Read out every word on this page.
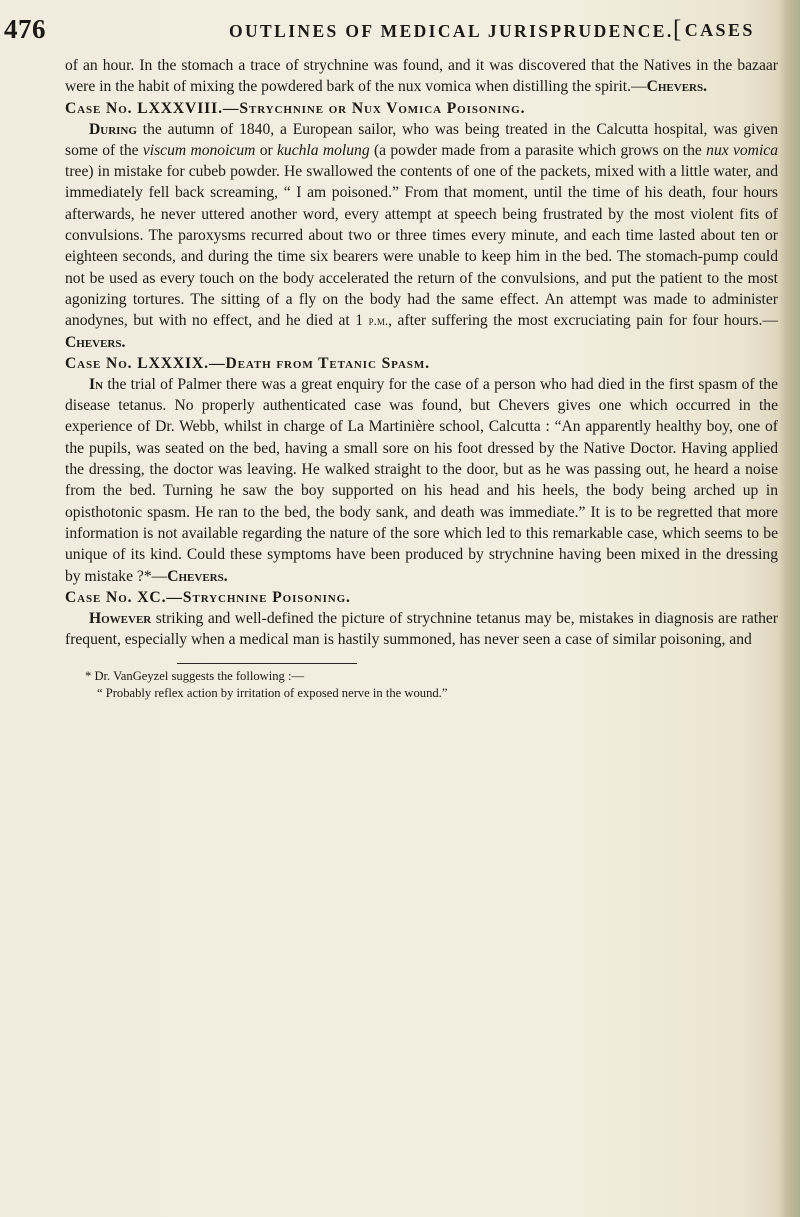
476	OUTLINES OF MEDICAL JURISPRUDENCE. [CASES

of an hour. In the stomach a trace of strychnine was found, and it was discovered that the Natives in the bazaar were in the habit of mixing the powdered bark of the nux vomica when distilling the spirit.—Chevers.

Case No. LXXXVIII.—Strychnine or Nux Vomica Poisoning.

During the autumn of 1840, a European sailor, who was being treated in the Calcutta hospital, was given some of the viscum monoicum or kuchla molung (a powder made from a parasite which grows on the nux vomica tree) in mistake for cubeb powder. He swallowed the contents of one of the packets, mixed with a little water, and immediately fell back screaming, “ I am poisoned.” From that moment, until the time of his death, four hours afterwards, he never uttered another word, every attempt at speech being frustrated by the most violent fits of convulsions. The paroxysms recurred about two or three times every minute, and each time lasted about ten or eighteen seconds, and during the time six bearers were unable to keep him in the bed. The stomach-pump could not be used as every touch on the body accelerated the return of the convulsions, and put the patient to the most agonizing tortures. The sitting of a fly on the body had the same effect. An attempt was made to administer anodynes, but with no effect, and he died at 1 p.m., after suffering the most excruciating pain for four hours.—Chevers.

Case No. LXXXIX.—Death from Tetanic Spasm.

In the trial of Palmer there was a great enquiry for the case of a person who had died in the first spasm of the disease tetanus. No properly authenticated case was found, but Chevers gives one which occurred in the experience of Dr. Webb, whilst in charge of La Martinière school, Calcutta : “An apparently healthy boy, one of the pupils, was seated on the bed, having a small sore on his foot dressed by the Native Doctor. Having applied the dressing, the doctor was leaving. He walked straight to the door, but as he was passing out, he heard a noise from the bed. Turning he saw the boy supported on his head and his heels, the body being arched up in opisthotonic spasm. He ran to the bed, the body sank, and death was immediate.” It is to be regretted that more information is not available regarding the nature of the sore which led to this remarkable case, which seems to be unique of its kind. Could these symptoms have been produced by strychnine having been mixed in the dressing by mistake ?*—Chevers.

Case No. XC.—Strychnine Poisoning.

However striking and well-defined the picture of strychnine tetanus may be, mistakes in diagnosis are rather frequent, especially when a medical man is hastily summoned, has never seen a case of similar poisoning, and

* Dr. VanGeyzel suggests the following :—
“ Probably reflex action by irritation of exposed nerve in the wound.”
